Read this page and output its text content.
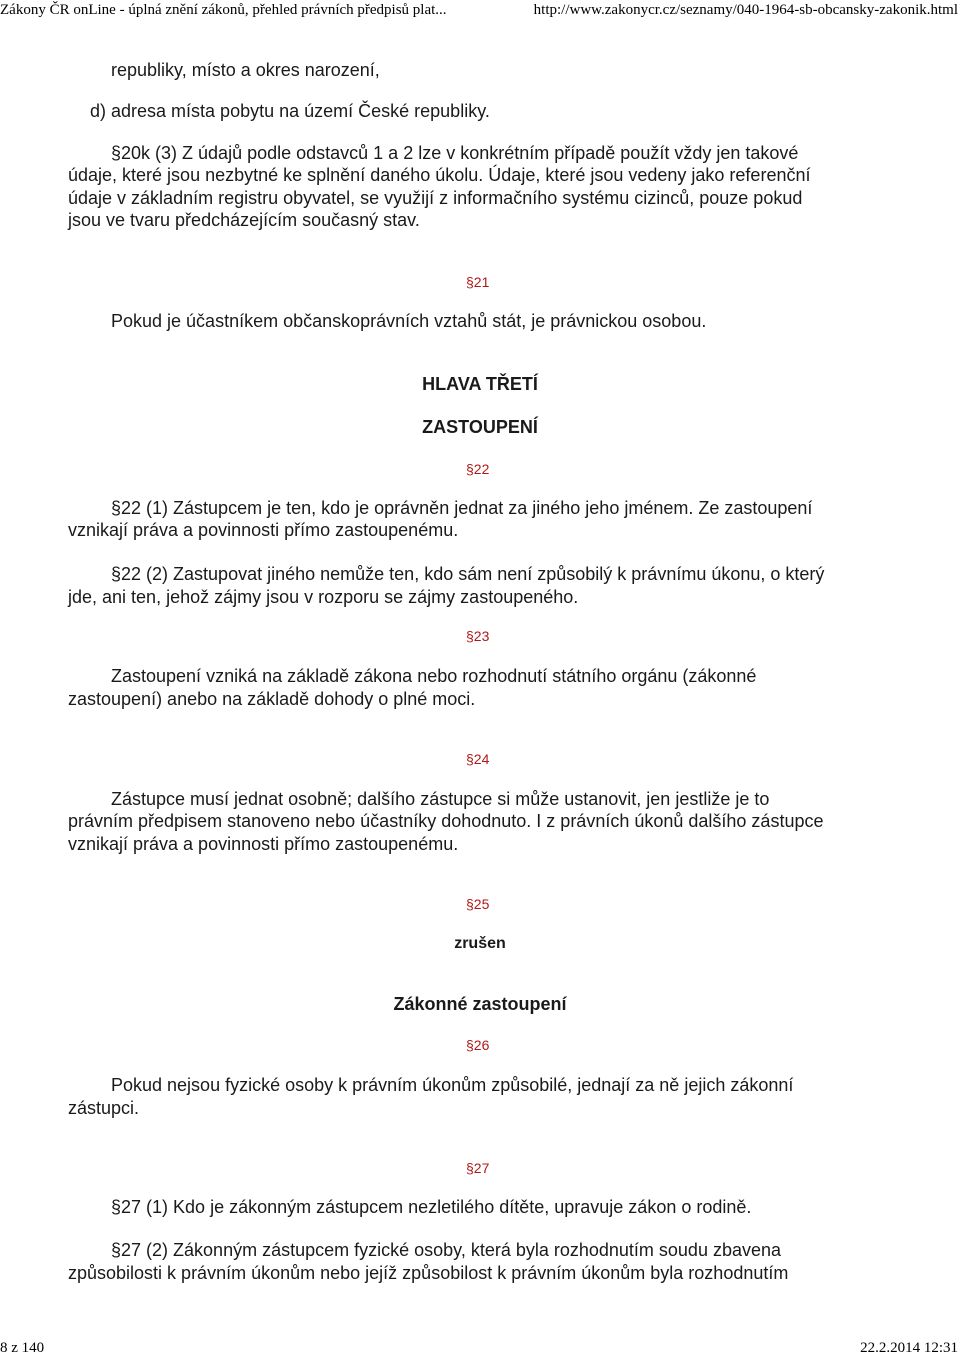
Zákony ČR onLine - úplná znění zákonů, přehled právních předpisů plat...	http://www.zakonycr.cz/seznamy/040-1964-sb-obcansky-zakonik.html
republiky, místo a okres narození,
d) adresa místa pobytu na území České republiky.
§20k (3) Z údajů podle odstavců 1 a 2 lze v konkrétním případě použít vždy jen takové
údaje, které jsou nezbytné ke splnění daného úkolu. Údaje, které jsou vedeny jako referenční
údaje v základním registru obyvatel, se využijí z informačního systému cizinců, pouze pokud
jsou ve tvaru předcházejícím současný stav.
§21
Pokud je účastníkem občanskoprávních vztahů stát, je právnickou osobou.
HLAVA TŘETÍ
ZASTOUPENÍ
§22
§22 (1) Zástupcem je ten, kdo je oprávněn jednat za jiného jeho jménem. Ze zastoupení
vznikají práva a povinnosti přímo zastoupenému.
§22 (2) Zastupovat jiného nemůže ten, kdo sám není způsobilý k právnímu úkonu, o který
jde, ani ten, jehož zájmy jsou v rozporu se zájmy zastoupeného.
§23
Zastoupení vzniká na základě zákona nebo rozhodnutí státního orgánu (zákonné
zastoupení) anebo na základě dohody o plné moci.
§24
Zástupce musí jednat osobně; dalšího zástupce si může ustanovit, jen jestliže je to
právním předpisem stanoveno nebo účastníky dohodnuto. I z právních úkonů dalšího zástupce
vznikají práva a povinnosti přímo zastoupenému.
§25
zrušen
Zákonné zastoupení
§26
Pokud nejsou fyzické osoby k právním úkonům způsobilé, jednají za ně jejich zákonní
zástupci.
§27
§27 (1) Kdo je zákonným zástupcem nezletilého dítěte, upravuje zákon o rodině.
§27 (2) Zákonným zástupcem fyzické osoby, která byla rozhodnutím soudu zbavena
způsobilosti k právním úkonům nebo jejíž způsobilost k právním úkonům byla rozhodnutím
8 z 140	22.2.2014 12:31
